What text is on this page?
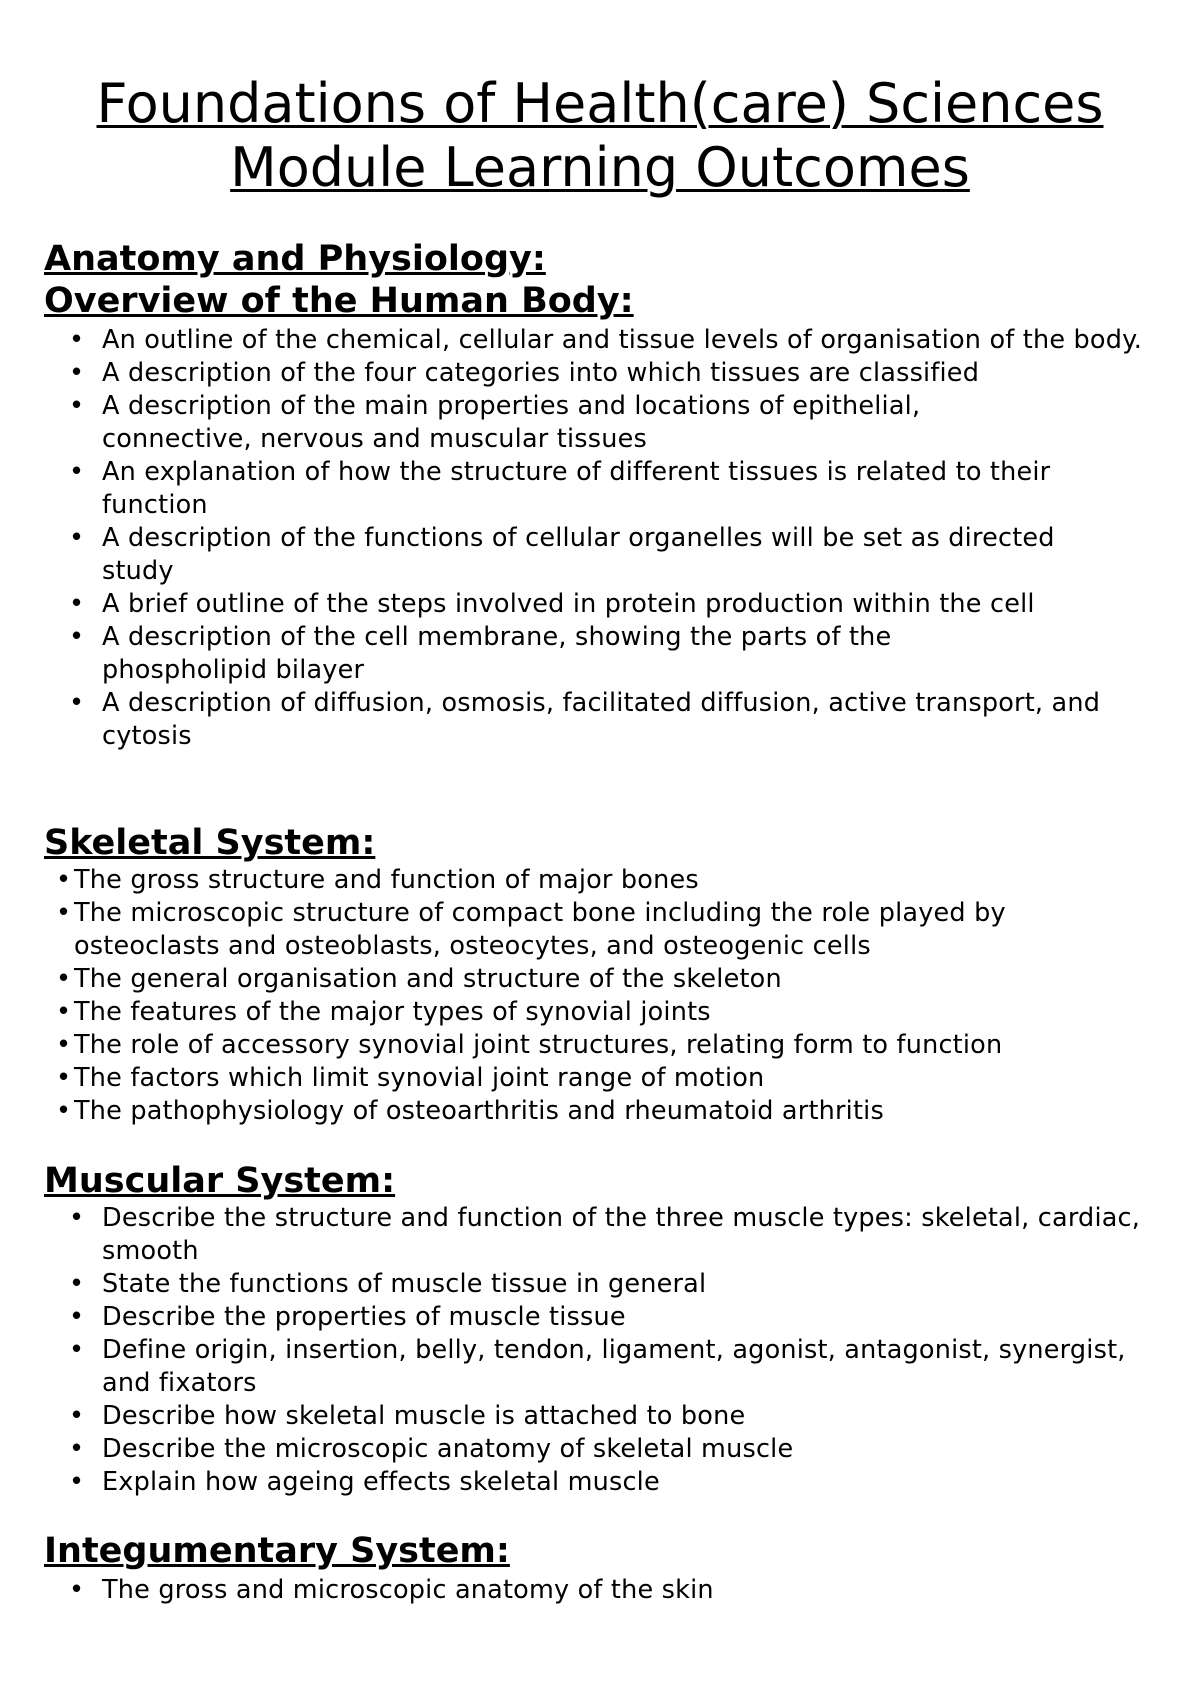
Foundations of Health(care) Sciences
Module Learning Outcomes
Anatomy and Physiology:
Overview of the Human Body:
• An outline of the chemical, cellular and tissue levels of organisation of the body.
• A description of the four categories into which tissues are classified
• A description of the main properties and locations of epithelial, connective, nervous and muscular tissues
• An explanation of how the structure of different tissues is related to their function
• A description of the functions of cellular organelles will be set as directed study
• A brief outline of the steps involved in protein production within the cell
• A description of the cell membrane, showing the parts of the phospholipid bilayer
• A description of diffusion, osmosis, facilitated diffusion, active transport, and cytosis
Skeletal System:
• The gross structure and function of major bones
• The microscopic structure of compact bone including the role played by osteoclasts and osteoblasts, osteocytes, and osteogenic cells
• The general organisation and structure of the skeleton
• The features of the major types of synovial joints
• The role of accessory synovial joint structures, relating form to function
• The factors which limit synovial joint range of motion
• The pathophysiology of osteoarthritis and rheumatoid arthritis
Muscular System:
• Describe the structure and function of the three muscle types: skeletal, cardiac, smooth
• State the functions of muscle tissue in general
• Describe the properties of muscle tissue
• Define origin, insertion, belly, tendon, ligament, agonist, antagonist, synergist, and fixators
• Describe how skeletal muscle is attached to bone
• Describe the microscopic anatomy of skeletal muscle
• Explain how ageing effects skeletal muscle
Integumentary System:
• The gross and microscopic anatomy of the skin
